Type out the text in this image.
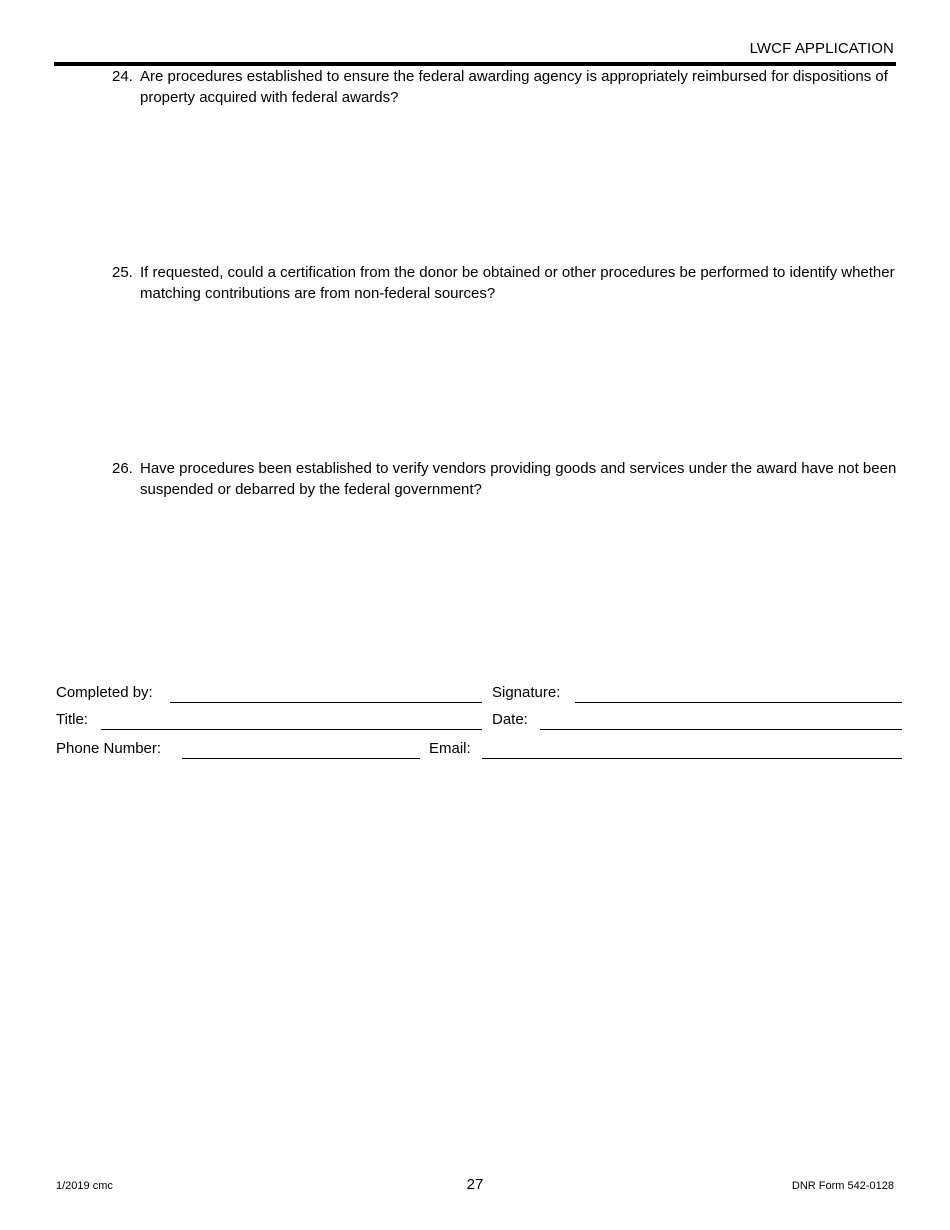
LWCF APPLICATION
24. Are procedures established to ensure the federal awarding agency is appropriately reimbursed for dispositions of property acquired with federal awards?
25. If requested, could a certification from the donor be obtained or other procedures be performed to identify whether matching contributions are from non-federal sources?
26. Have procedures been established to verify vendors providing goods and services under the award have not been suspended or debarred by the federal government?
Completed by:	Signature:
Title:	Date:
Phone Number:	Email:
1/2019 cmc	27	DNR Form 542-0128
